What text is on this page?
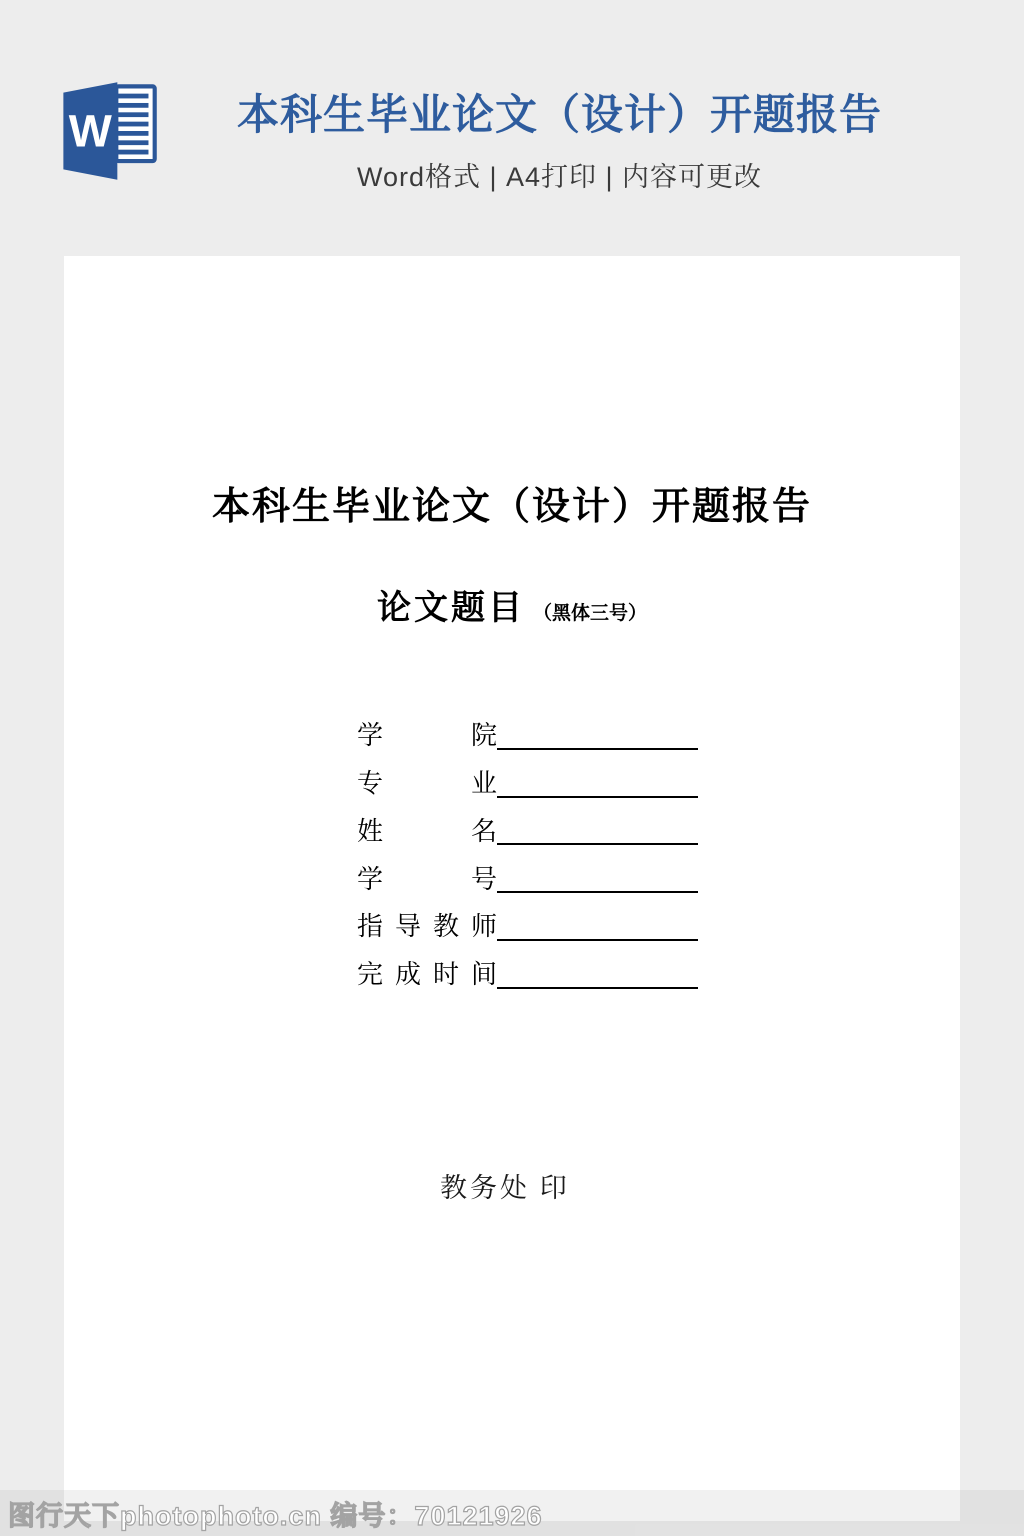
W	本科生毕业论文（设计）开题报告
Word格式 | A4打印 | 内容可更改
本科生毕业论文（设计）开题报告
论文题目 （黑体三号）
学 院
专 业
姓 名
学 号
指 导 教 师
完 成 时 间
教务处 印
图行天下photophoto.cn 编号：70121926
